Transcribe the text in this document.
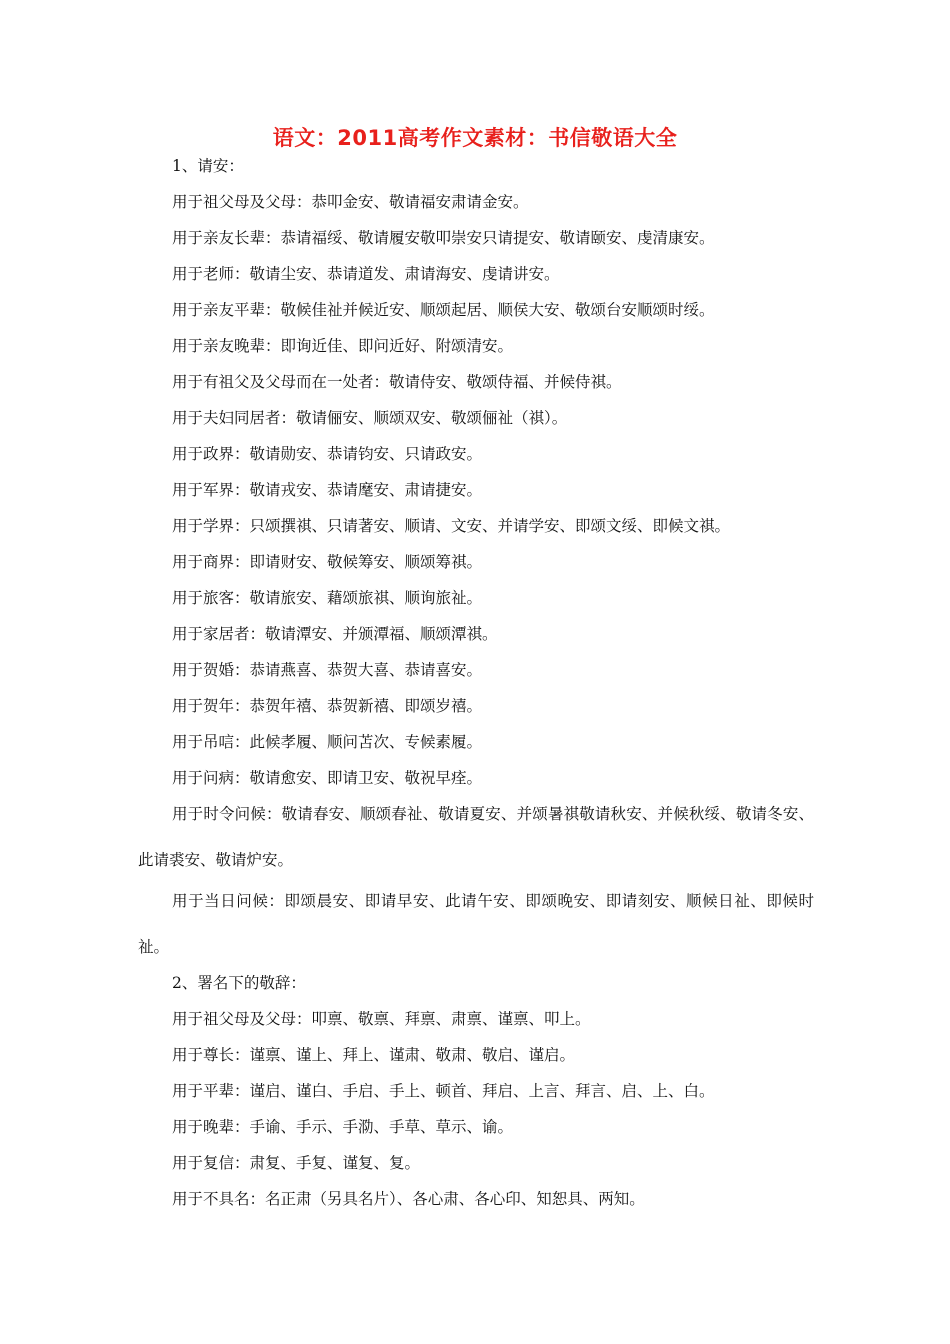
语文：2011高考作文素材：书信敬语大全
1、请安：
用于祖父母及父母：恭叩金安、敬请福安肃请金安。
用于亲友长辈：恭请福绥、敬请履安敬叩崇安只请提安、敬请颐安、虔清康安。
用于老师：敬请尘安、恭请道发、肃请海安、虔请讲安。
用于亲友平辈：敬候佳祉并候近安、顺颂起居、顺侯大安、敬颂台安顺颂时绥。
用于亲友晚辈：即询近佳、即问近好、附颂清安。
用于有祖父及父母而在一处者：敬请侍安、敬颂侍福、并候侍祺。
用于夫妇同居者：敬请俪安、顺颂双安、敬颂俪祉（祺）。
用于政界：敬请勋安、恭请钧安、只请政安。
用于军界：敬请戎安、恭请麾安、肃请捷安。
用于学界：只颂撰祺、只请著安、顺请、文安、并请学安、即颂文绥、即候文祺。
用于商界：即请财安、敬候筹安、顺颂筹祺。
用于旅客：敬请旅安、藉颂旅祺、顺询旅祉。
用于家居者：敬请潭安、并颁潭福、顺颂潭祺。
用于贺婚：恭请燕喜、恭贺大喜、恭请喜安。
用于贺年：恭贺年禧、恭贺新禧、即颂岁禧。
用于吊唁：此候孝履、顺问苫次、专候素履。
用于问病：敬请愈安、即请卫安、敬祝早痊。
用于时令问候：敬请春安、顺颂春祉、敬请夏安、并颂暑祺敬请秋安、并候秋绥、敬请冬安、此请裘安、敬请炉安。
用于当日问候：即颂晨安、即请早安、此请午安、即颂晚安、即请刻安、顺候日祉、即候时祉。
2、署名下的敬辞：
用于祖父母及父母：叩禀、敬禀、拜禀、肃禀、谨禀、叩上。
用于尊长：谨禀、谨上、拜上、谨肃、敬肃、敬启、谨启。
用于平辈：谨启、谨白、手启、手上、顿首、拜启、上言、拜言、启、上、白。
用于晚辈：手谕、手示、手泐、手草、草示、谕。
用于复信：肃复、手复、谨复、复。
用于不具名：名正肃（另具名片）、各心肃、各心印、知恕具、两知。
